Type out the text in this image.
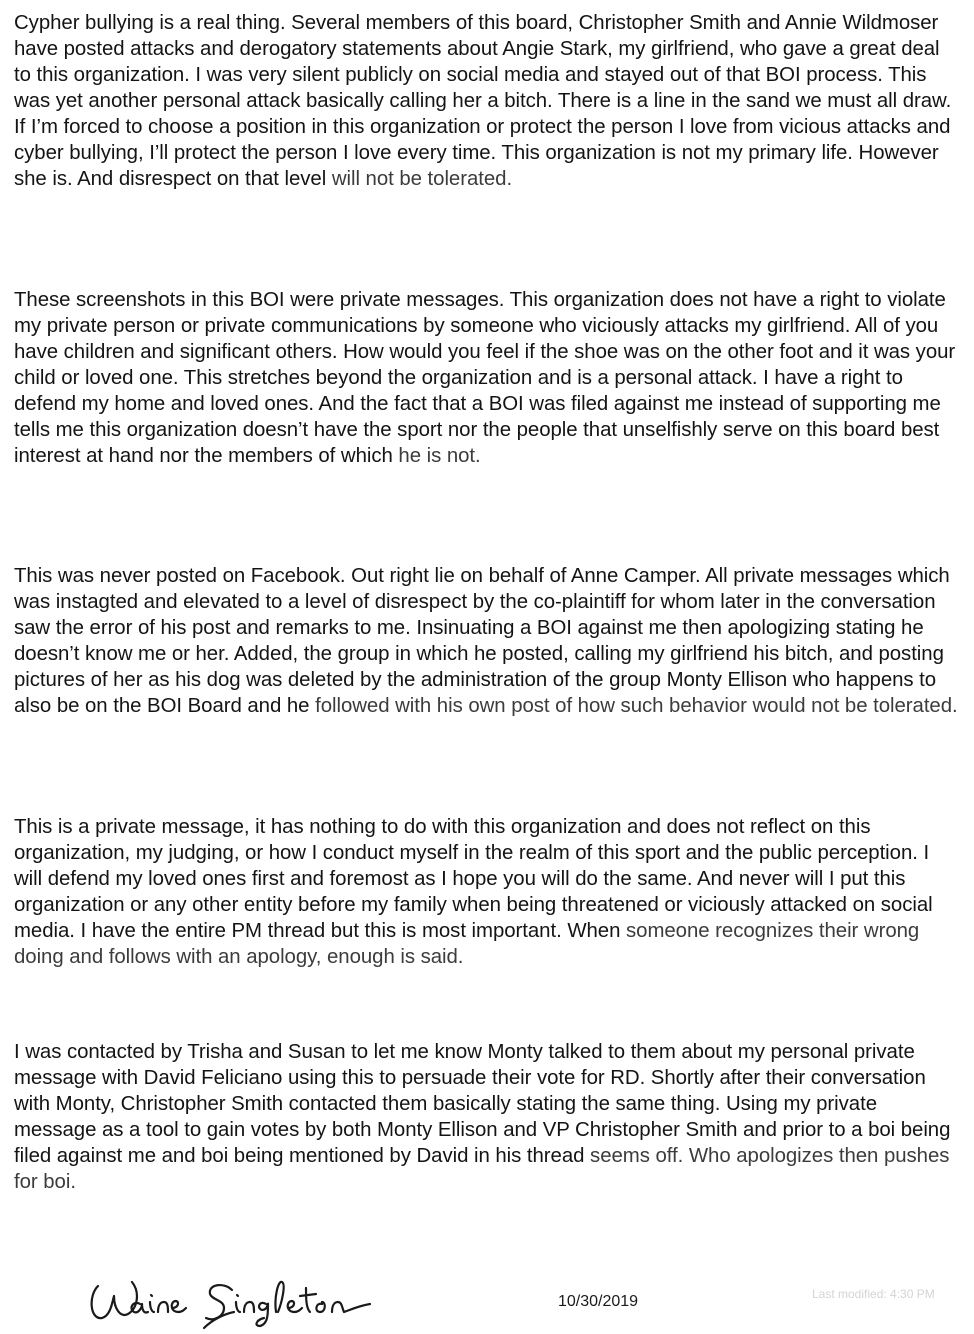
Cypher bullying is a real thing. Several members of this board, Christopher Smith and Annie Wildmoser have posted attacks and derogatory statements about Angie Stark, my girlfriend, who gave a great deal to this organization. I was very silent publicly on social media and stayed out of that BOI process. This was yet another personal attack basically calling her a bitch. There is a line in the sand we must all draw. If I’m forced to choose a position in this organization or protect the person I love from vicious attacks and cyber bullying, I’ll protect the person I love every time. This organization is not my primary life. However she is. And disrespect on that level will not be tolerated.

These screenshots in this BOI were private messages. This organization does not have a right to violate my private person or private communications by someone who viciously attacks my girlfriend. All of you have children and significant others. How would you feel if the shoe was on the other foot and it was your child or loved one. This stretches beyond the organization and is a personal attack. I have a right to defend my home and loved ones. And the fact that a BOI was filed against me instead of supporting me tells me this organization doesn’t have the sport nor the people that unselfishly serve on this board best interest at hand nor the members of which he is not.

This was never posted on Facebook. Out right lie on behalf of Anne Camper. All private messages which was instagted and elevated to a level of disrespect by the co-plaintiff for whom later in the conversation saw the error of his post and remarks to me. Insinuating a BOI against me then apologizing stating he doesn’t know me or her. Added, the group in which he posted, calling my girlfriend his bitch, and posting pictures of her as his dog was deleted by the administration of the group Monty Ellison who happens to also be on the BOI Board and he followed with his own post of how such behavior would not be tolerated.

This is a private message, it has nothing to do with this organization and does not reflect on this organization, my judging, or how I conduct myself in the realm of this sport and the public perception. I will defend my loved ones first and foremost as I hope you will do the same. And never will I put this organization or any other entity before my family when being threatened or viciously attacked on social media. I have the entire PM thread but this is most important. When someone recognizes their wrong doing and follows with an apology, enough is said.

I was contacted by Trisha and Susan to let me know Monty talked to them about my personal private message with David Feliciano using this to persuade their vote for RD. Shortly after their conversation with Monty, Christopher Smith contacted them basically stating the same thing. Using my private message as a tool to gain votes by both Monty Ellison and VP Christopher Smith and prior to a boi being filed against me and boi being mentioned by David in his thread seems off. Who apologizes then pushes for boi.

10/30/2019	Last modified: 4:30 PM
